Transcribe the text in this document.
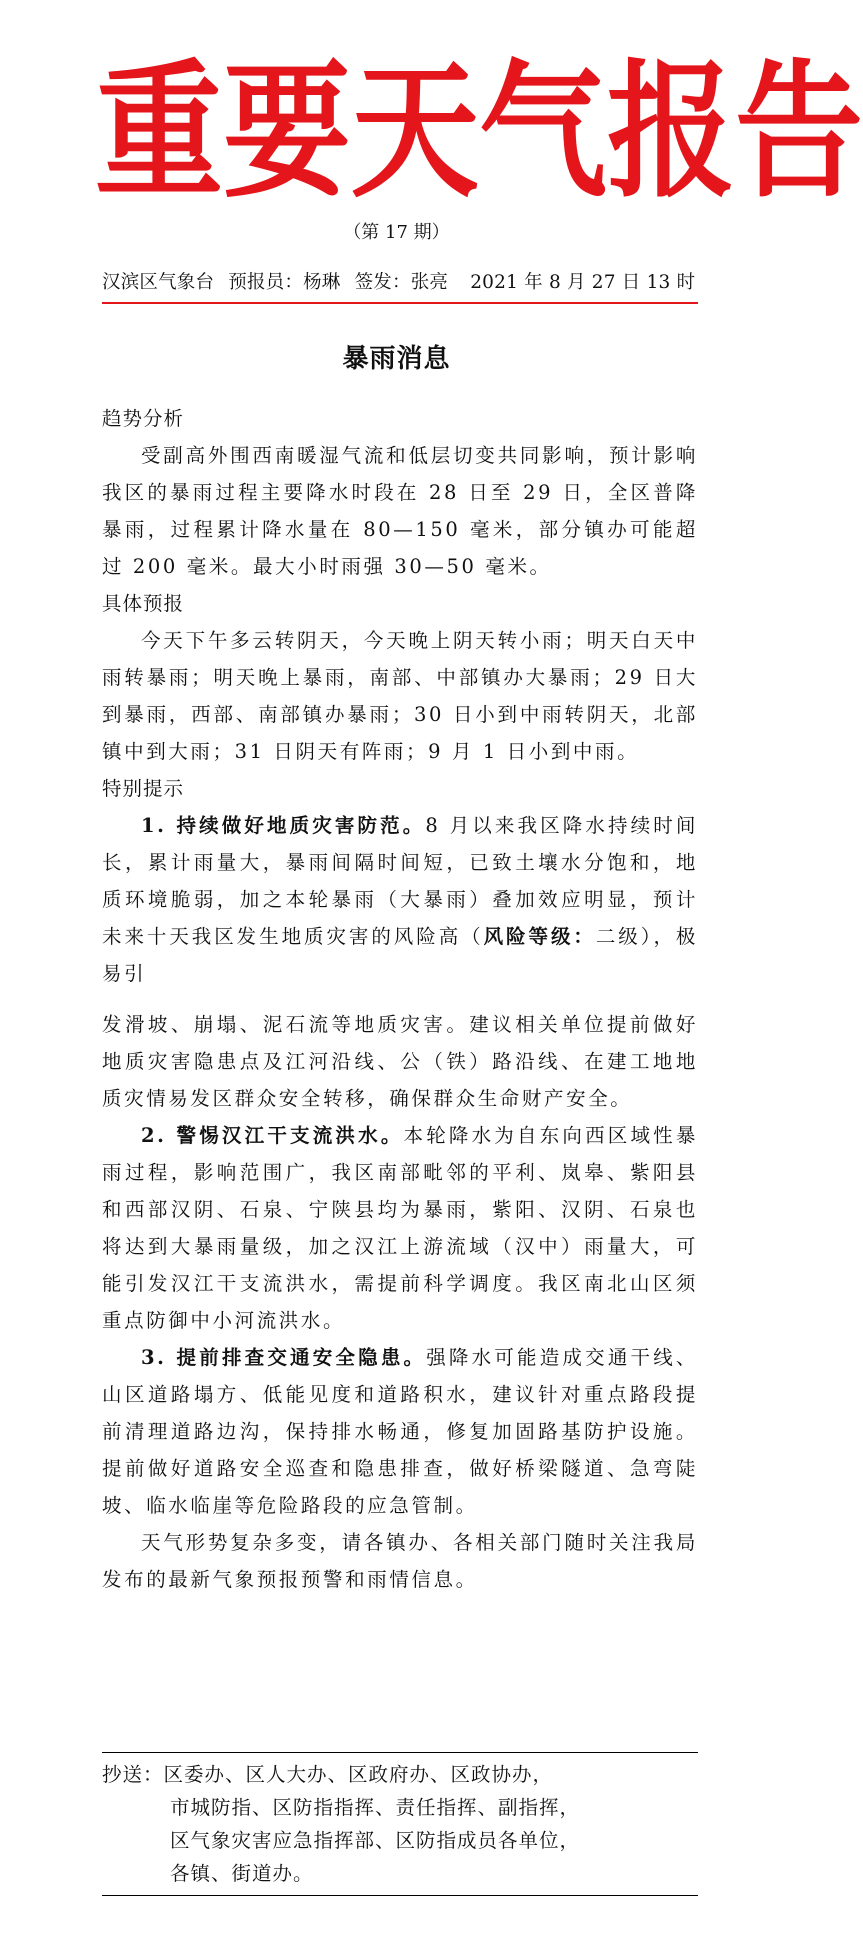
重 要 天 气 报 告
（第 17 期）
汉滨区气象台 预报员：杨琳 签发：张亮 2021 年 8 月 27 日 13 时
暴雨消息

趋势分析

受副高外围西南暖湿气流和低层切变共同影响，预计影响我区的暴雨过程主要降水时段在 28 日至 29 日，全区普降暴雨，过程累计降水量在 80—150 毫米，部分镇办可能超过 200 毫米。最大小时雨强 30—50 毫米。

具体预报

今天下午多云转阴天，今天晚上阴天转小雨；明天白天中雨转暴雨；明天晚上暴雨，南部、中部镇办大暴雨；29 日大到暴雨，西部、南部镇办暴雨；30 日小到中雨转阴天，北部镇中到大雨；31 日阴天有阵雨；9 月 1 日小到中雨。

特别提示

1. 持续做好地质灾害防范。8 月以来我区降水持续时间长，累计雨量大，暴雨间隔时间短，已致土壤水分饱和，地质环境脆弱，加之本轮暴雨（大暴雨）叠加效应明显，预计未来十天我区发生地质灾害的风险高（风险等级：二级），极易引

发滑坡、崩塌、泥石流等地质灾害。建议相关单位提前做好地质灾害隐患点及江河沿线、公（铁）路沿线、在建工地地质灾情易发区群众安全转移，确保群众生命财产安全。

2. 警惕汉江干支流洪水。本轮降水为自东向西区域性暴雨过程，影响范围广，我区南部毗邻的平利、岚皋、紫阳县和西部汉阴、石泉、宁陕县均为暴雨，紫阳、汉阴、石泉也将达到大暴雨量级，加之汉江上游流域（汉中）雨量大，可能引发汉江干支流洪水，需提前科学调度。我区南北山区须重点防御中小河流洪水。

3. 提前排查交通安全隐患。强降水可能造成交通干线、山区道路塌方、低能见度和道路积水，建议针对重点路段提前清理道路边沟，保持排水畅通，修复加固路基防护设施。提前做好道路安全巡查和隐患排查，做好桥梁隧道、急弯陡坡、临水临崖等危险路段的应急管制。

天气形势复杂多变，请各镇办、各相关部门随时关注我局发布的最新气象预报预警和雨情信息。

抄送：区委办、区人大办、区政府办、区政协办，
市城防指、区防指指挥、责任指挥、副指挥，
区气象灾害应急指挥部、区防指成员各单位，
各镇、街道办。
